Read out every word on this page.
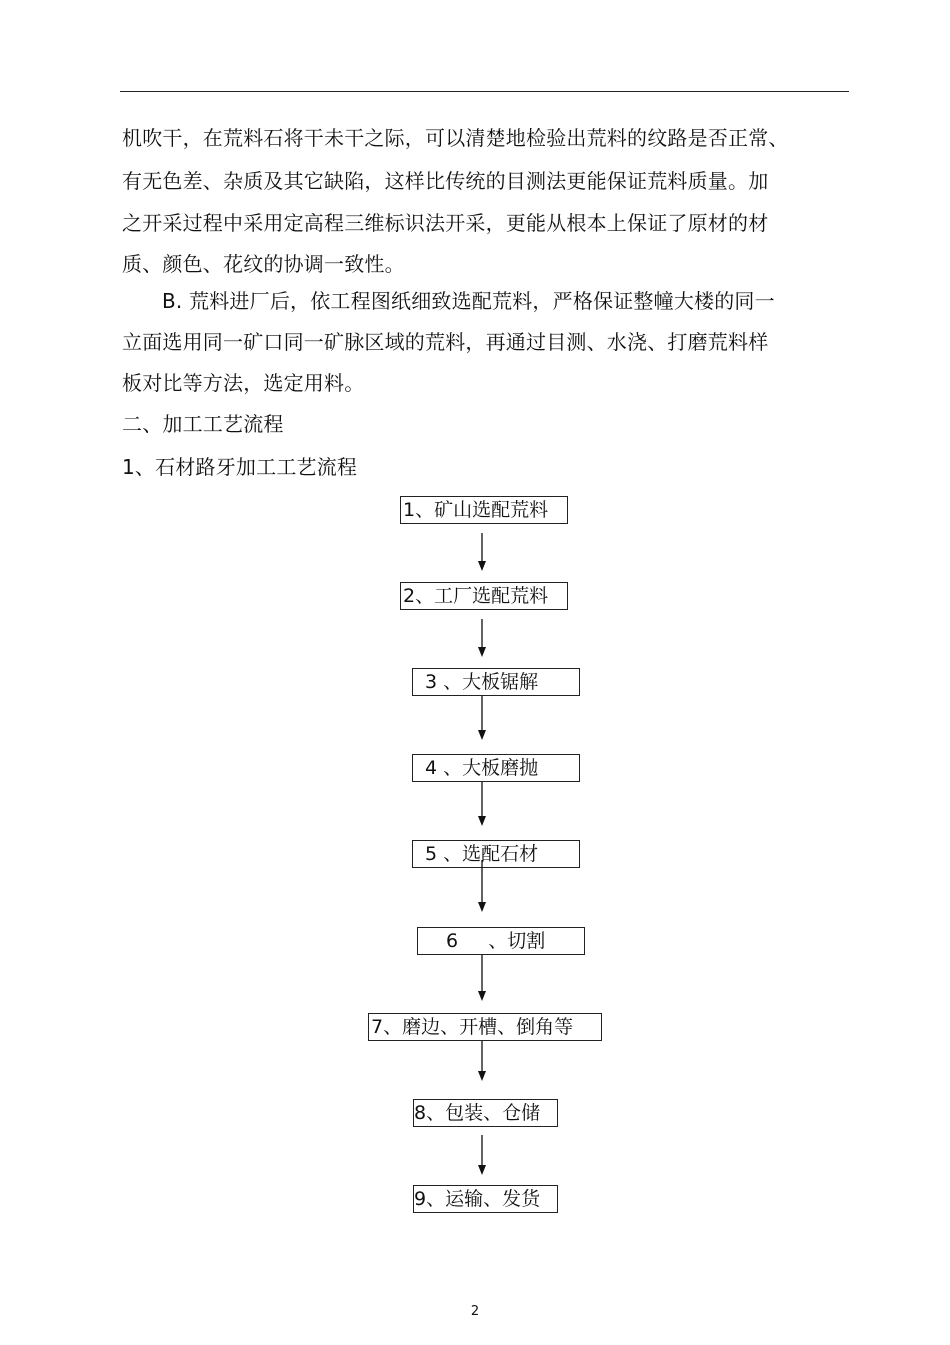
机吹干，在荒料石将干未干之际，可以清楚地检验出荒料的纹路是否正常、
有无色差、杂质及其它缺陷，这样比传统的目测法更能保证荒料质量。加
之开采过程中采用定高程三维标识法开采，更能从根本上保证了原材的材
质、颜色、花纹的协调一致性。
B. 荒料进厂后，依工程图纸细致选配荒料，严格保证整幢大楼的同一
立面选用同一矿口同一矿脉区域的荒料，再通过目测、水浇、打磨荒料样
板对比等方法，选定用料。
二、加工工艺流程
1、石材路牙加工工艺流程
1、矿山选配荒料
2、工厂选配荒料
3 、大板锯解
4 、大板磨抛
5 、选配石材
6     、切割
7、磨边、开槽、倒角等
8、包装、仓储
9、运输、发货
2
